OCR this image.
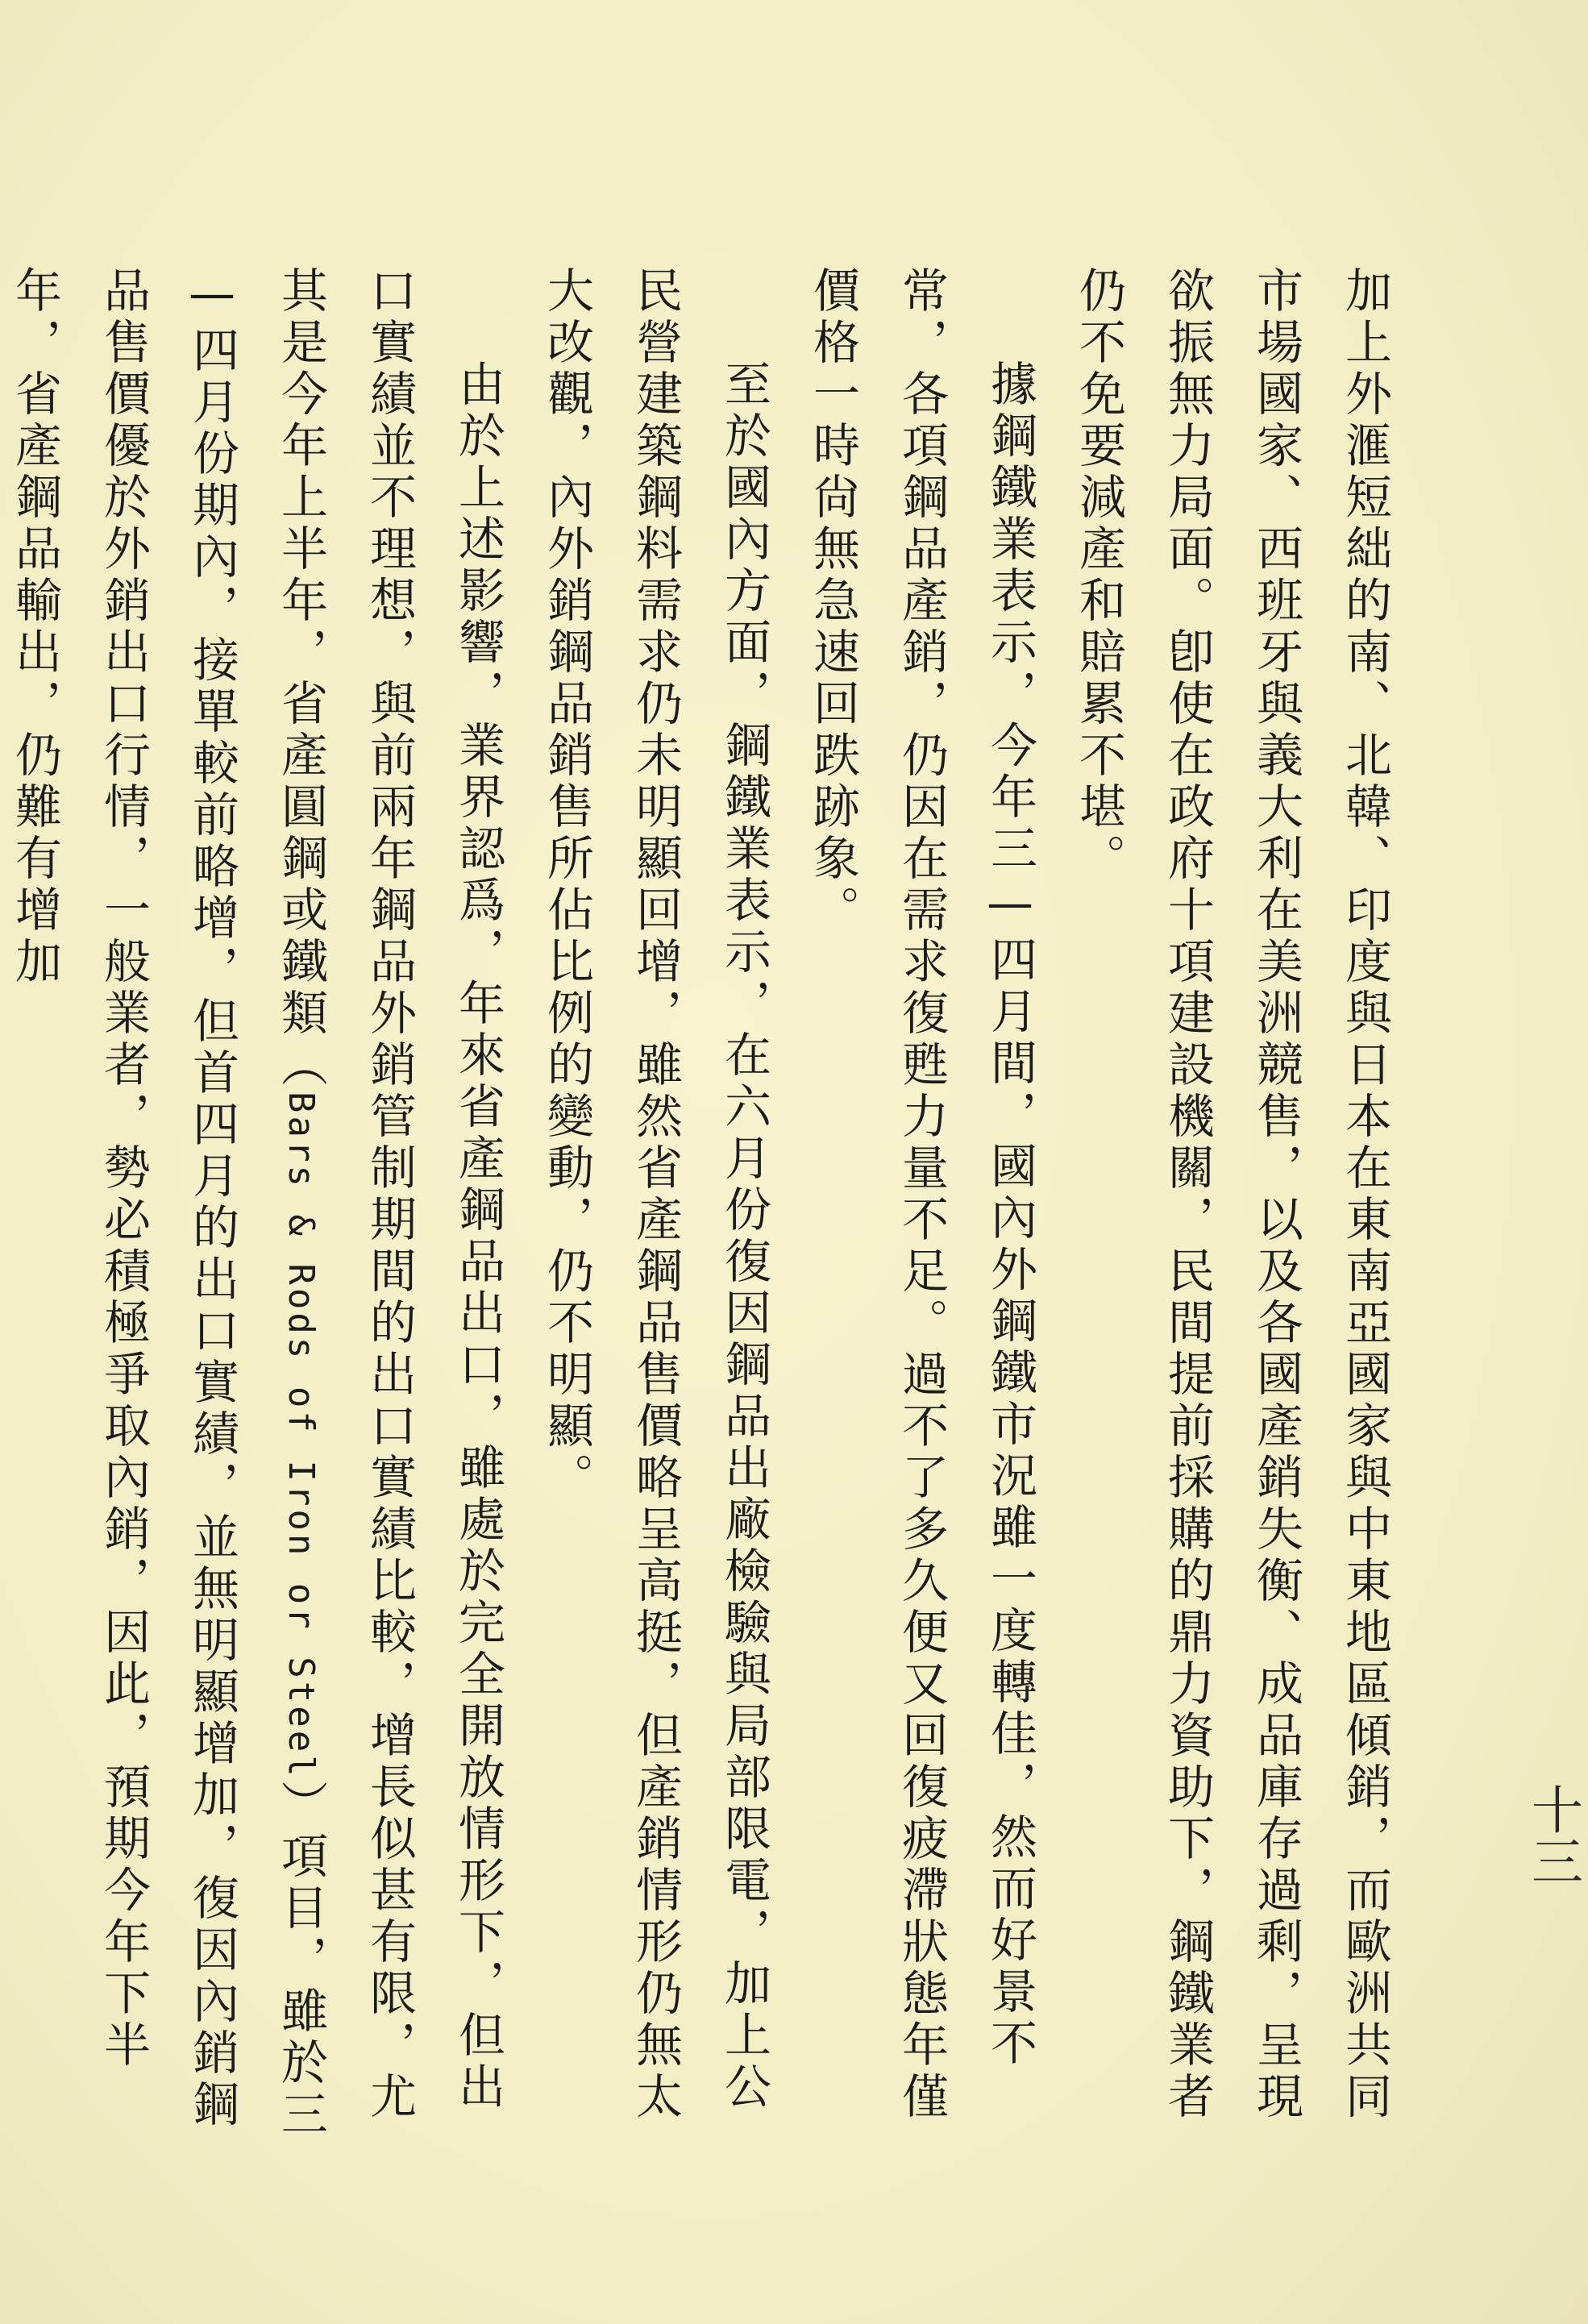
十三

加上外滙短絀的南、北韓、印度與日本在東南亞國家與中東地區傾銷，而歐洲共同市場國家、西班牙與義大利在美洲競售，以及各國產銷失衡、成品庫存過剩，呈現欲振無力局面。卽使在政府十項建設機關，民間提前採購的鼎力資助下，鋼鐵業者仍不免要減產和賠累不堪。

據鋼鐵業表示，今年三—四月間，國內外鋼鐵市況雖一度轉佳，然而好景不常，各項鋼品產銷，仍因在需求復甦力量不足。過不了多久便又回復疲滯狀態年僅價格一時尙無急速回跌跡象。

至於國內方面，鋼鐵業表示，在六月份復因鋼品出廠檢驗與局部限電，加上公民營建築鋼料需求仍未明顯回增，雖然省產鋼品售價略呈高挺，但產銷情形仍無太大改觀，內外銷鋼品銷售所佔比例的變動，仍不明顯。

由於上述影響，業界認爲，年來省產鋼品出口，雖處於完全開放情形下，但出口實績並不理想，與前兩年鋼品外銷管制期間的出口實績比較，增長似甚有限，尤其是今年上半年，省產圓鋼或鐵類（Bars & Rods of Iron or Steel）項目，雖於三—四月份期內，接單較前略增，但首四月的出口實績，並無明顯增加，復因內銷鋼品售價優於外銷出口行情，一般業者，勢必積極爭取內銷，因此，預期今年下半年，省產鋼品輸出，仍難有增加
